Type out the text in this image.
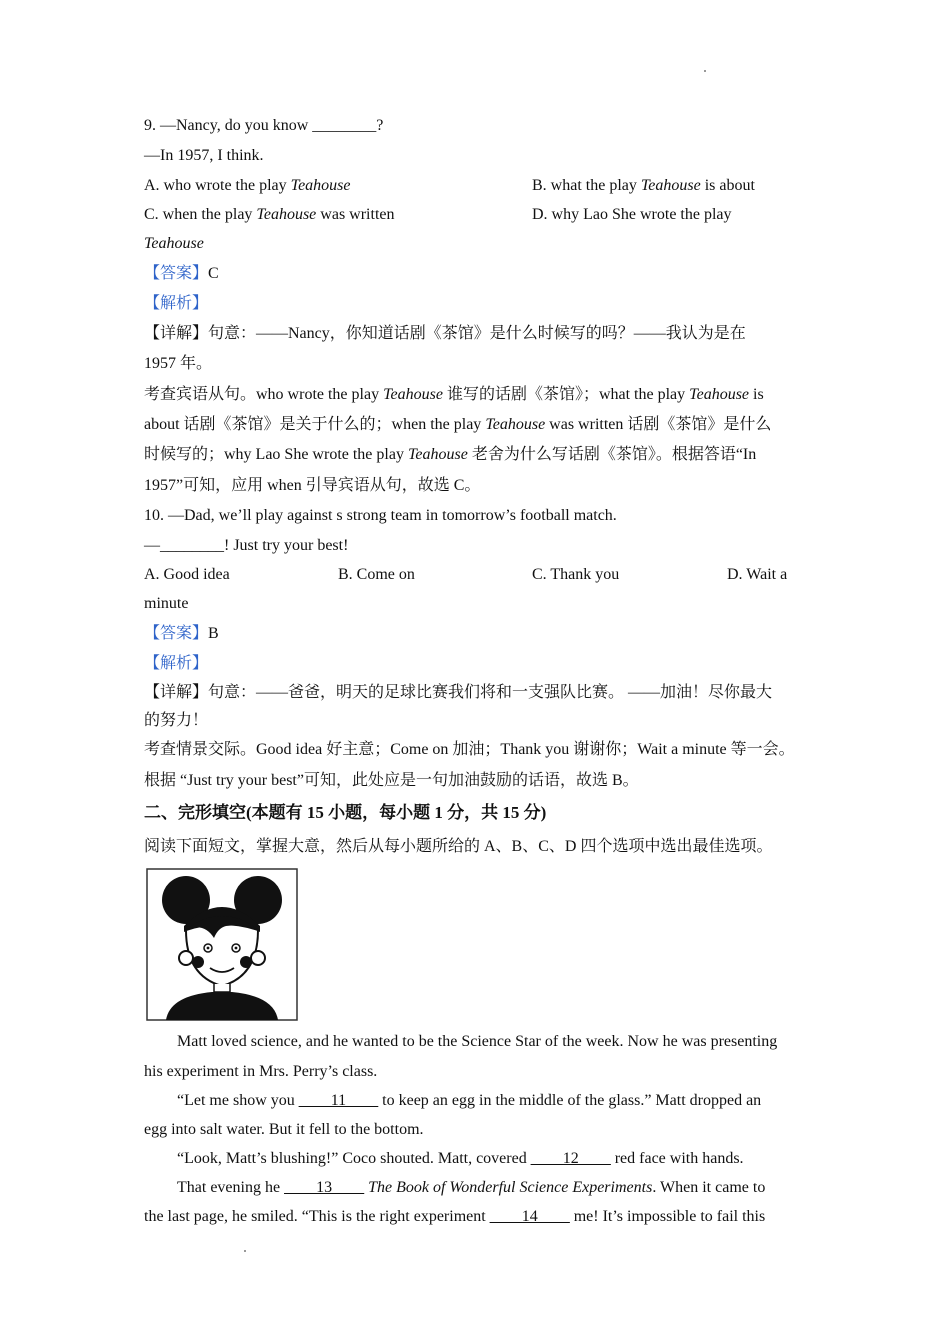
9. —Nancy, do you know ________?
—In 1957, I think.
A. who wrote the play Teahouse	B. what the play Teahouse is about
C. when the play Teahouse was written	D. why Lao She wrote the play
Teahouse
【答案】C
【解析】
【详解】句意：——Nancy，你知道话剧《茶馆》是什么时候写的吗？——我认为是在
1957 年。
考查宾语从句。who wrote the play Teahouse 谁写的话剧《茶馆》；what the play Teahouse is
about 话剧《茶馆》是关于什么的；when the play Teahouse was written 话剧《茶馆》是什么
时候写的；why Lao She wrote the play Teahouse 老舍为什么写话剧《茶馆》。根据答语“In
1957”可知，应用 when 引导宾语从句，故选 C。
10. —Dad, we’ll play against s strong team in tomorrow’s football match.
—________! Just try your best!
A. Good idea	B. Come on	C. Thank you	D. Wait a
minute
【答案】B
【解析】
【详解】句意：——爸爸，明天的足球比赛我们将和一支强队比赛。 ——加油！尽你最大
的努力！
考查情景交际。Good idea 好主意；Come on 加油；Thank you 谢谢你；Wait a minute 等一会。
根据 “Just try your best”可知，此处应是一句加油鼓励的话语，故选 B。
二、完形填空(本题有 15 小题，每小题 1 分，共 15 分)
阅读下面短文，掌握大意，然后从每小题所给的 A、B、C、D 四个选项中选出最佳选项。
Matt loved science, and he wanted to be the Science Star of the week. Now he was presenting
his experiment in Mrs. Perry’s class.
“Let me show you ____11____ to keep an egg in the middle of the glass.” Matt dropped an
egg into salt water. But it fell to the bottom.
“Look, Matt’s blushing!” Coco shouted. Matt, covered ____12____ red face with hands.
That evening he ____13____ The Book of Wonderful Science Experiments. When it came to
the last page, he smiled. “This is the right experiment ____14____ me! It’s impossible to fail this
